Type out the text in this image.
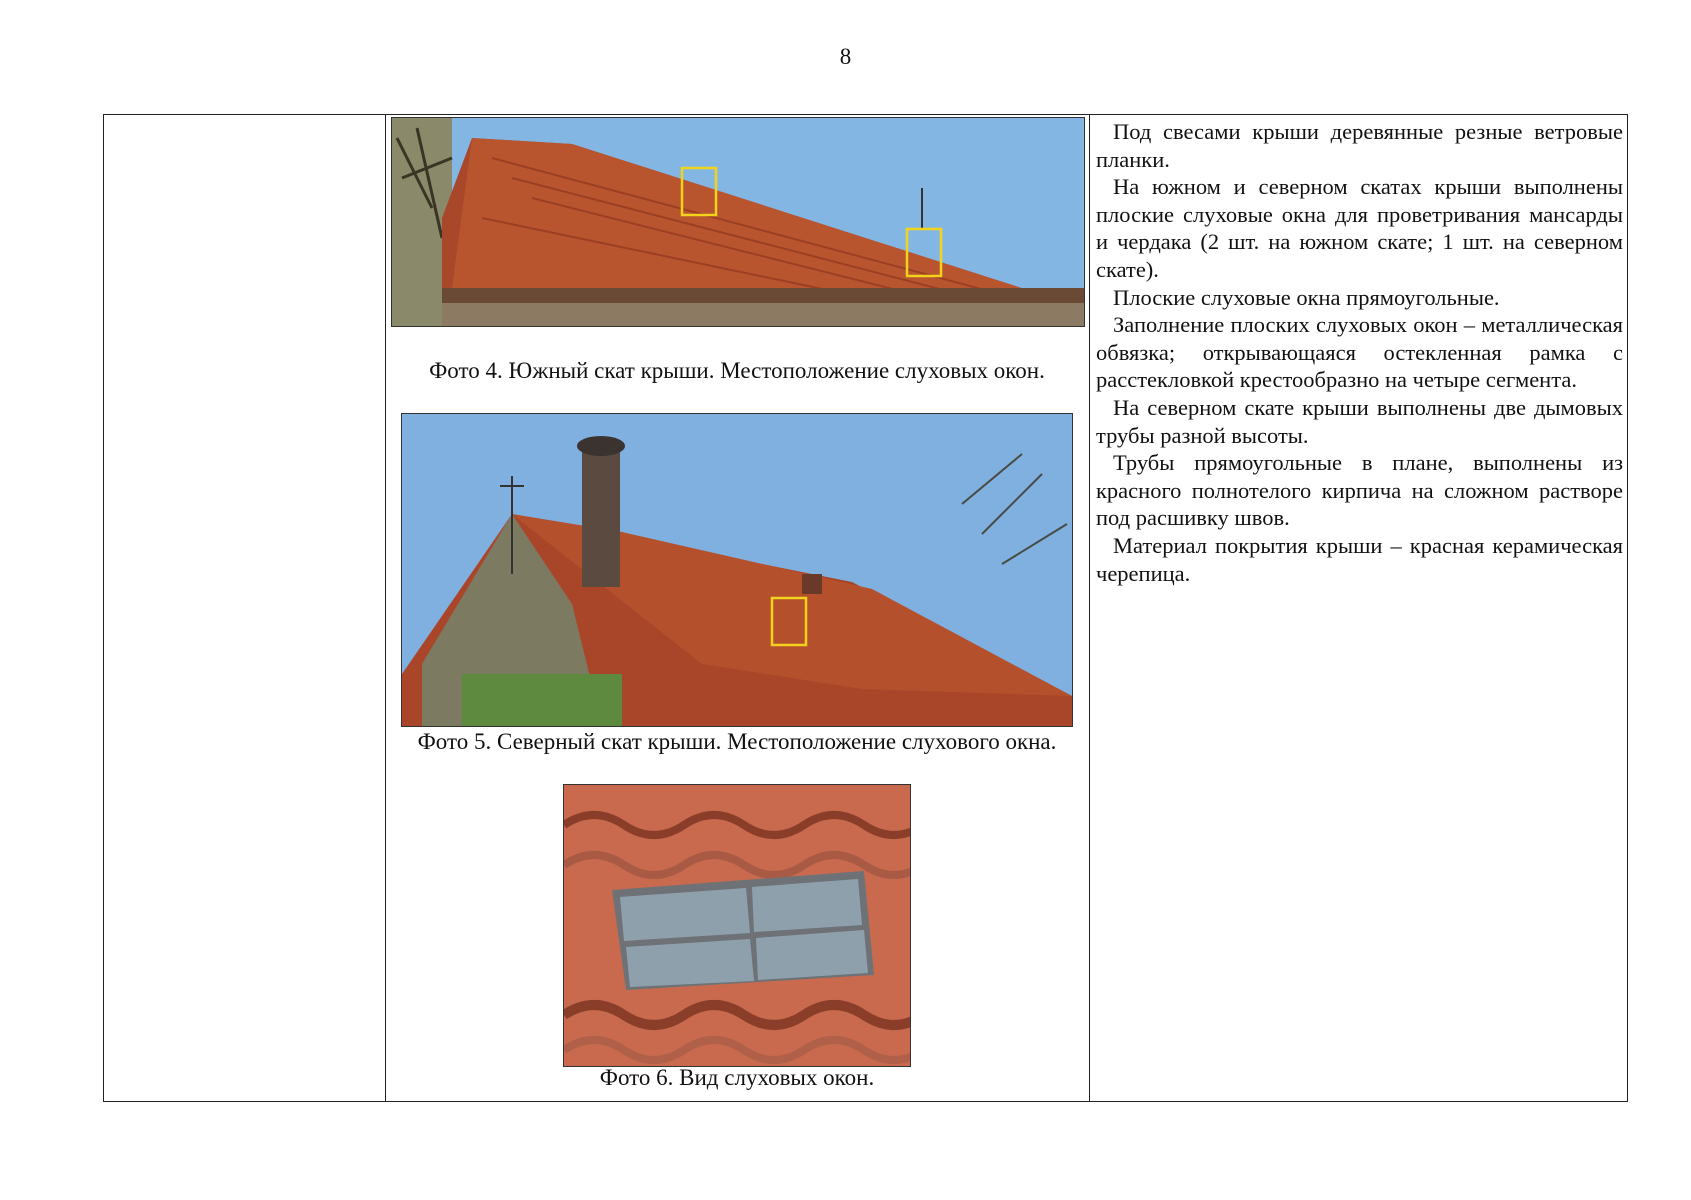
8
Фото 4. Южный скат крыши. Местоположение слуховых окон.
Фото 5. Северный скат крыши. Местоположение слухового окна.
Фото 6. Вид слуховых окон.

Под свесами крыши деревянные резные ветровые планки.

На южном и северном скатах крыши выполнены плоские слуховые окна для проветривания мансарды и чердака (2 шт. на южном скате; 1 шт. на северном скате).

Плоские слуховые окна прямоугольные.

Заполнение плоских слуховых окон – металлическая обвязка; открывающаяся остекленная рамка с расстекловкой крестообразно на четыре сегмента.

На северном скате крыши выполнены две дымовых трубы разной высоты.

Трубы прямоугольные в плане, выполнены из красного полнотелого кирпича на сложном растворе под расшивку швов.

Материал покрытия крыши – красная керамическая черепица.
